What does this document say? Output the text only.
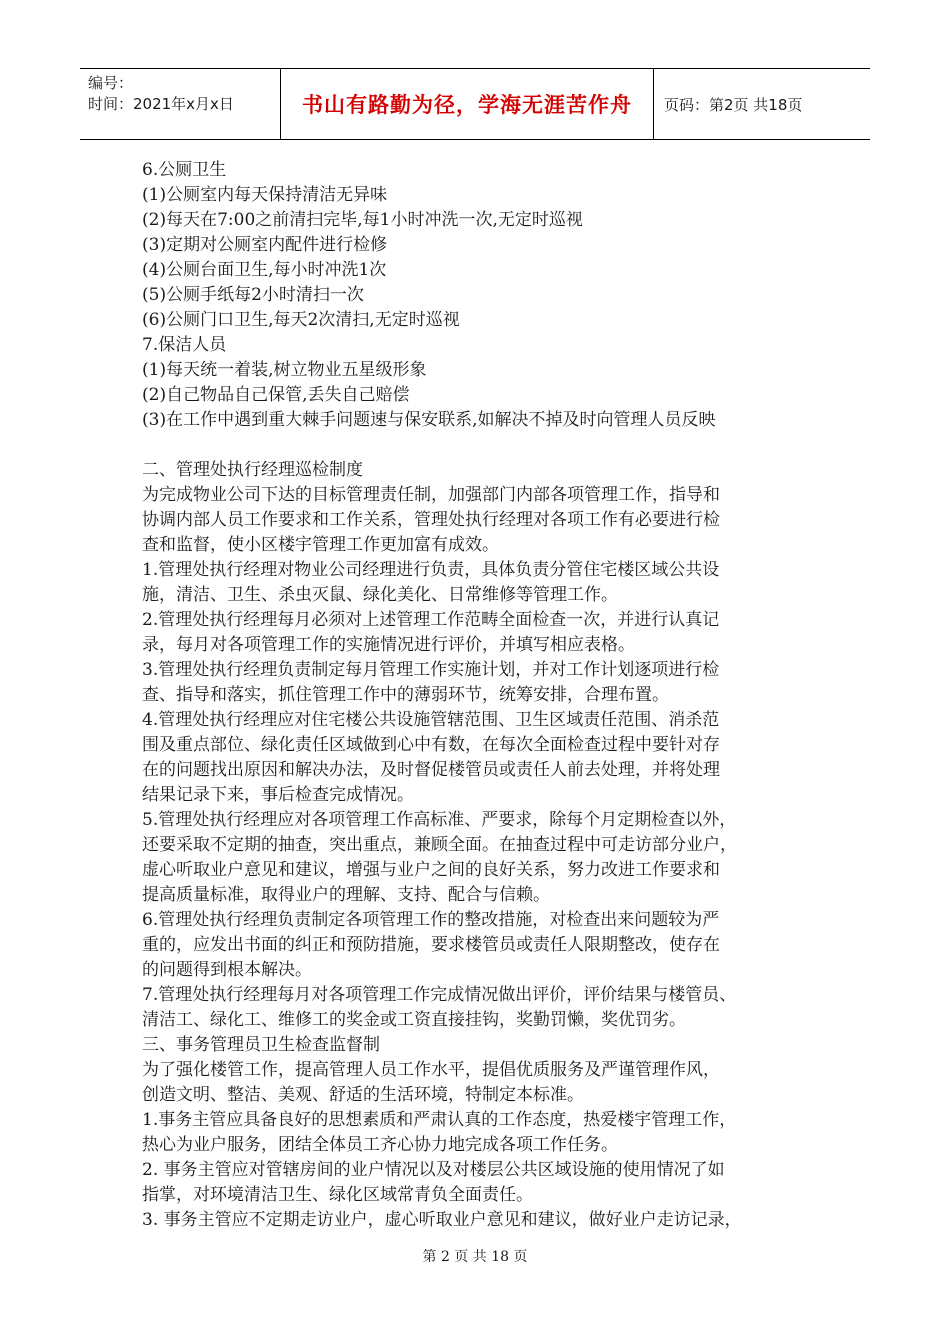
编号：
时间：2021年x月x日	书山有路勤为径，学海无涯苦作舟 页码：第2页 共18页

6.公厕卫生

(1)公厕室内每天保持清洁无异味

(2)每天在7:00之前清扫完毕,每1小时冲洗一次,无定时巡视

(3)定期对公厕室内配件进行检修

(4)公厕台面卫生,每小时冲洗1次

(5)公厕手纸每2小时清扫一次

(6)公厕门口卫生,每天2次清扫,无定时巡视

7.保洁人员

(1)每天统一着装,树立物业五星级形象

(2)自己物品自己保管,丢失自己赔偿

(3)在工作中遇到重大棘手问题速与保安联系,如解决不掉及时向管理人员反映

二、管理处执行经理巡检制度

为完成物业公司下达的目标管理责任制，加强部门内部各项管理工作，指导和

协调内部人员工作要求和工作关系，管理处执行经理对各项工作有必要进行检

查和监督，使小区楼宇管理工作更加富有成效。

1.管理处执行经理对物业公司经理进行负责，具体负责分管住宅楼区域公共设

施，清洁、卫生、杀虫灭鼠、绿化美化、日常维修等管理工作。

2.管理处执行经理每月必须对上述管理工作范畴全面检查一次，并进行认真记

录，每月对各项管理工作的实施情况进行评价，并填写相应表格。

3.管理处执行经理负责制定每月管理工作实施计划，并对工作计划逐项进行检

查、指导和落实，抓住管理工作中的薄弱环节，统筹安排，合理布置。

4.管理处执行经理应对住宅楼公共设施管辖范围、卫生区域责任范围、消杀范

围及重点部位、绿化责任区域做到心中有数，在每次全面检查过程中要针对存

在的问题找出原因和解决办法，及时督促楼管员或责任人前去处理，并将处理

结果记录下来，事后检查完成情况。

5.管理处执行经理应对各项管理工作高标准、严要求，除每个月定期检查以外，

还要采取不定期的抽查，突出重点，兼顾全面。在抽查过程中可走访部分业户，

虚心听取业户意见和建议，增强与业户之间的良好关系，努力改进工作要求和

提高质量标准，取得业户的理解、支持、配合与信赖。

6.管理处执行经理负责制定各项管理工作的整改措施，对检查出来问题较为严

重的，应发出书面的纠正和预防措施，要求楼管员或责任人限期整改，使存在

的问题得到根本解决。

7.管理处执行经理每月对各项管理工作完成情况做出评价，评价结果与楼管员、

清洁工、绿化工、维修工的奖金或工资直接挂钩，奖勤罚懒，奖优罚劣。

三、事务管理员卫生检查监督制

为了强化楼管工作，提高管理人员工作水平，提倡优质服务及严谨管理作风，

创造文明、整洁、美观、舒适的生活环境，特制定本标准。

1.事务主管应具备良好的思想素质和严肃认真的工作态度，热爱楼宇管理工作，

热心为业户服务，团结全体员工齐心协力地完成各项工作任务。

2. 事务主管应对管辖房间的业户情况以及对楼层公共区域设施的使用情况了如

指掌，对环境清洁卫生、绿化区域常青负全面责任。

3. 事务主管应不定期走访业户，虚心听取业户意见和建议，做好业户走访记录，

第 2 页 共 18 页
